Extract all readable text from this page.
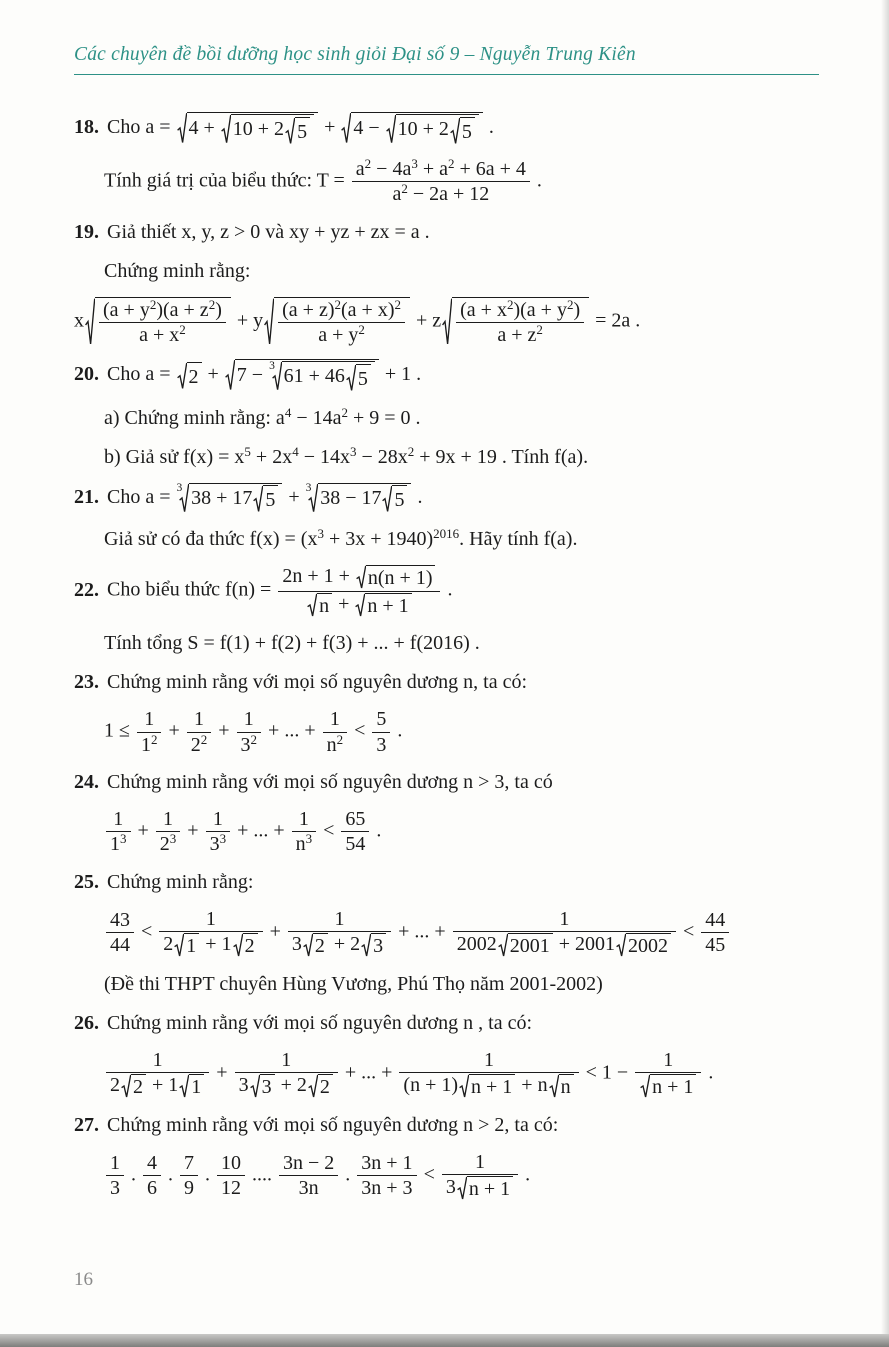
Các chuyên đề bồi dưỡng học sinh giỏi Đại số 9 – Nguyễn Trung Kiên
18. Cho a = 4 + 10 + 2 5 + 4 − 10 + 2 5 .
Tính giá trị của biểu thức: $T = \frac{a^2 - 4a^3 + a^2 + 6a + 4}{a^2 - 2a + 12}$ .
19. Giả thiết x, y, z > 0 và xy + yz + zx = a .
Chứng minh rằng:
x $\frac{(a + y^2)(a + z^2)}{a + x^2} + y \frac{(a + z)^2(a + x)^2}{a + y^2} + z \frac{(a + x^2)(a + y^2)}{a + z^2} = 2a$ .
20. Cho a = 2 + 7 − 3 61 + 46 5 + 1 .
a) Chứng minh rằng: $a^4 - 14a^2 + 9 = 0$ .
b) Giả sử $f(x) = x^5 + 2x^4 - 14x^3 - 28x^2 + 9x + 19$ . Tính f(a).
21. Cho a = 3 38 + 17 5 + 3 38 − 17 5 .
Giả sử có đa thức $f(x) = (x^3 + 3x + 1940)^{2016}$. Hãy tính f(a).
22. Cho biểu thức $f(n) = \frac{2n + 1 + n(n + 1)}{n + n + 1}$ .
Tính tổng S = f(1) + f(2) + f(3) + ... + f(2016) .
23. Chứng minh rằng với mọi số nguyên dương n, ta có:
$1 \le \frac{1}{1^2} + \frac{1}{2^2} + \frac{1}{3^2}$ + ... + $\frac{1}{n^2} < \frac{5}{3}$ .
24. Chứng minh rằng với mọi số nguyên dương n > 3, ta có
$\frac{1}{1^3} + \frac{1}{2^3} + \frac{1}{3^3}$ + ... + $\frac{1}{n^3} < \frac{65}{54}$ .
25. Chứng minh rằng:
$\frac{43}{44} < \frac{1}{2 1 + 1 2} + \frac{1}{3 2 + 2 3}$ + ... + $\frac{1}{2002 2001 + 2001 2002} < \frac{44}{45}$
(Đề thi THPT chuyên Hùng Vương, Phú Thọ năm 2001-2002)
26. Chứng minh rằng với mọi số nguyên dương n , ta có:
$\frac{1}{2 2 + 1 1} + \frac{1}{3 3 + 2 2}$ + ... + $\frac{1}{\text{(n + 1) n + 1 + n n}} < 1 - \frac{1}{n + 1}$ .
27. Chứng minh rằng với mọi số nguyên dương n > 2, ta có:
$\frac{1}{3}$ . $\frac{4}{6}$ . $\frac{7}{9}$ . $\frac{10}{12}$ .... $\frac{3n - 2}{3n}$ . $\frac{3n + 1}{3n + 3} < \frac{1}{3 n + 1}$ .
16
